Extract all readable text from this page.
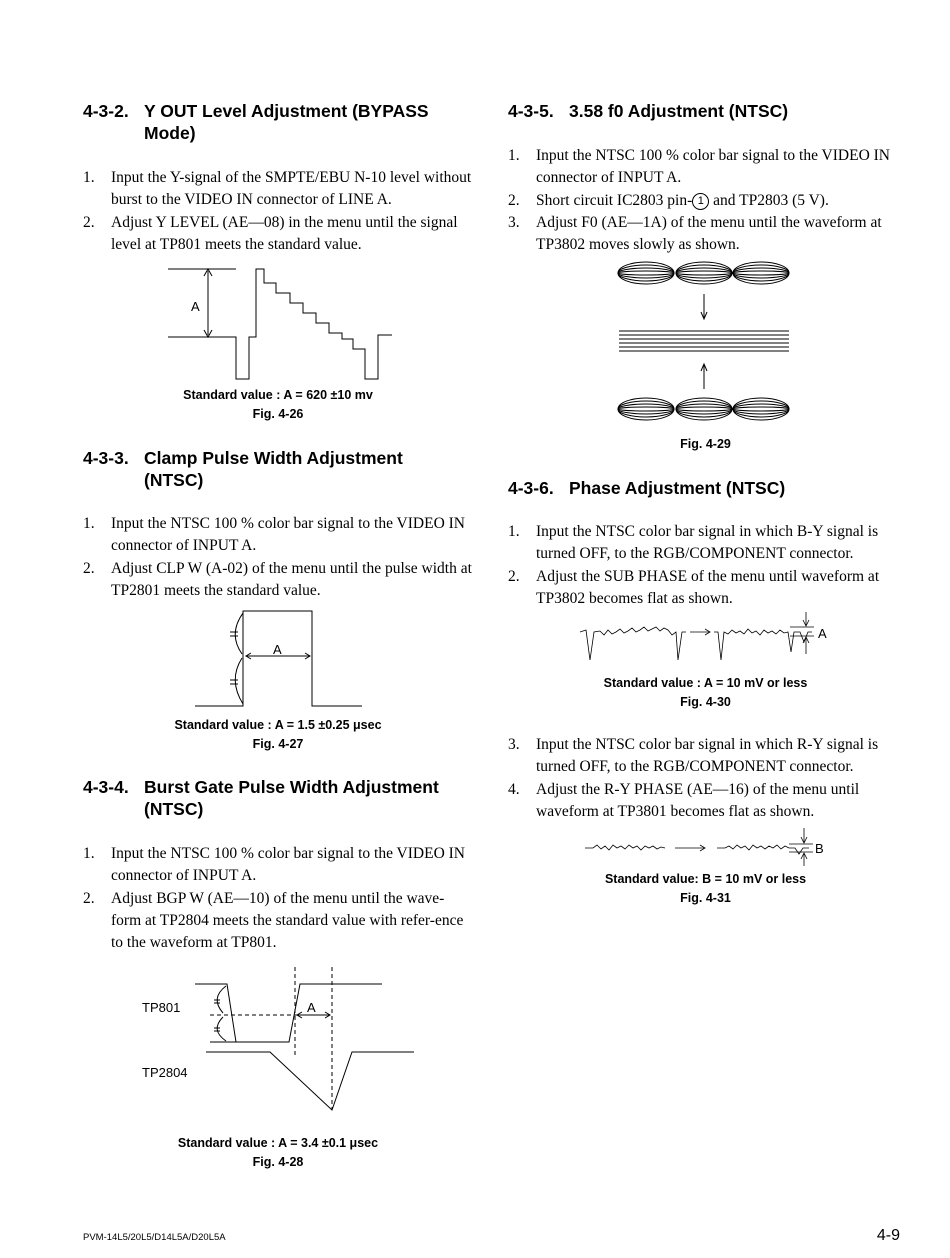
4-3-2. Y OUT Level Adjustment (BYPASS Mode)
1. Input the Y-signal of the SMPTE/EBU N-10 level without burst to the VIDEO IN connector of LINE A.
2. Adjust Y LEVEL (AE—08) in the menu until the signal level at TP801 meets the standard value.
A
Standard value : A = 620 ±10 mv
Fig. 4-26
4-3-3. Clamp Pulse Width Adjustment (NTSC)
1. Input the NTSC 100 % color bar signal to the VIDEO IN connector of INPUT A.
2. Adjust CLP W (A-02) of the menu until the pulse width at TP2801 meets the standard value.
A
Standard value : A = 1.5 ±0.25 μsec
Fig. 4-27
4-3-4. Burst Gate Pulse Width Adjustment (NTSC)
1. Input the NTSC 100 % color bar signal to the VIDEO IN connector of INPUT A.
2. Adjust BGP W (AE—10) of the menu until the wave-form at TP2804 meets the standard value with refer-ence to the waveform at TP801.
TP801
TP2804
A
Standard value : A = 3.4 ±0.1 μsec
Fig. 4-28
4-3-5. 3.58 f0 Adjustment (NTSC)
1. Input the NTSC 100 % color bar signal to the VIDEO IN connector of INPUT A.
2. Short circuit IC2803 pin- 1 and TP2803 (5 V).
3. Adjust F0 (AE—1A) of the menu until the waveform at TP3802 moves slowly as shown.
Fig. 4-29
4-3-6. Phase Adjustment (NTSC)
1. Input the NTSC color bar signal in which B-Y signal is turned OFF, to the RGB/COMPONENT connector.
2. Adjust the SUB PHASE of the menu until waveform at TP3802 becomes flat as shown.
A
Standard value : A = 10 mV or less
Fig. 4-30
3. Input the NTSC color bar signal in which R-Y signal is turned OFF, to the RGB/COMPONENT connector.
4. Adjust the R-Y PHASE (AE—16) of the menu until waveform at TP3801 becomes flat as shown.
B
Standard value: B = 10 mV or less
Fig. 4-31
PVM-14L5/20L5/D14L5A/D20L5A	4-9
